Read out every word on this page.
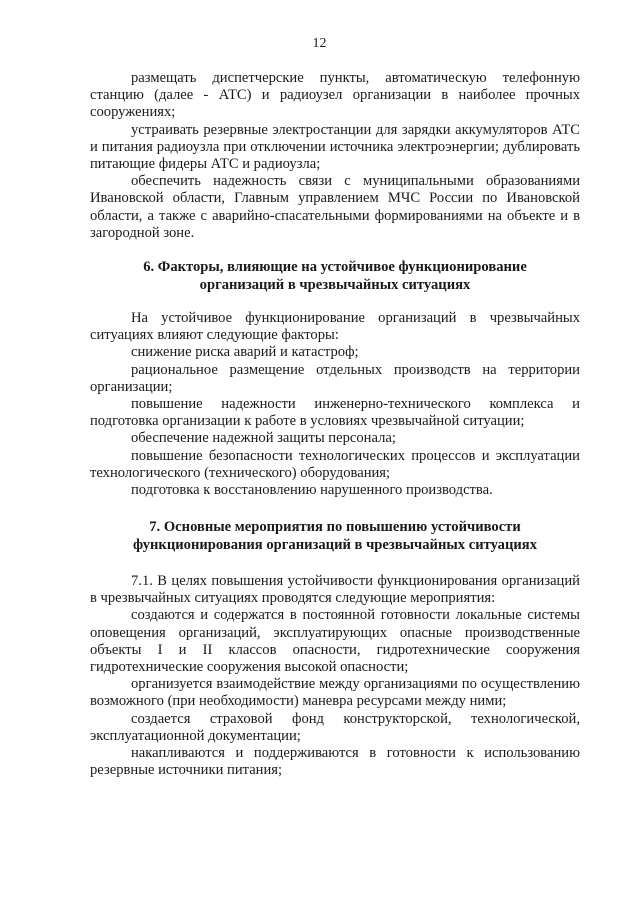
12

размещать диспетчерские пункты, автоматическую телефонную станцию (далее - АТС) и радиоузел организации в наиболее прочных сооружениях;

устраивать резервные электростанции для зарядки аккумуляторов АТС и питания радиоузла при отключении источника электроэнергии; дублировать питающие фидеры АТС и радиоузла;

обеспечить надежность связи с муниципальными образованиями Ивановской области, Главным управлением МЧС России по Ивановской области, а также с аварийно-спасательными формированиями на объекте и в загородной зоне.

6. Факторы, влияющие на устойчивое функционирование

организаций в чрезвычайных ситуациях

На устойчивое функционирование организаций в чрезвычайных ситуациях влияют следующие факторы:

снижение риска аварий и катастроф;

рациональное размещение отдельных производств на территории организации;

повышение надежности инженерно-технического комплекса и подготовка организации к работе в условиях чрезвычайной ситуации;

обеспечение надежной защиты персонала;

повышение безопасности технологических процессов и эксплуатации технологического (технического) оборудования;

подготовка к восстановлению нарушенного производства.

7. Основные мероприятия по повышению устойчивости

функционирования организаций в чрезвычайных ситуациях

7.1. В целях повышения устойчивости функционирования организаций в чрезвычайных ситуациях проводятся следующие мероприятия:

создаются и содержатся в постоянной готовности локальные системы оповещения организаций, эксплуатирующих опасные производственные объекты I и II классов опасности, гидротехнические сооружения гидротехнические сооружения высокой опасности;

организуется взаимодействие между организациями по осуществлению возможного (при необходимости) маневра ресурсами между ними;

создается страховой фонд конструкторской, технологической, эксплуатационной документации;

накапливаются и поддерживаются в готовности к использованию резервные источники питания;
